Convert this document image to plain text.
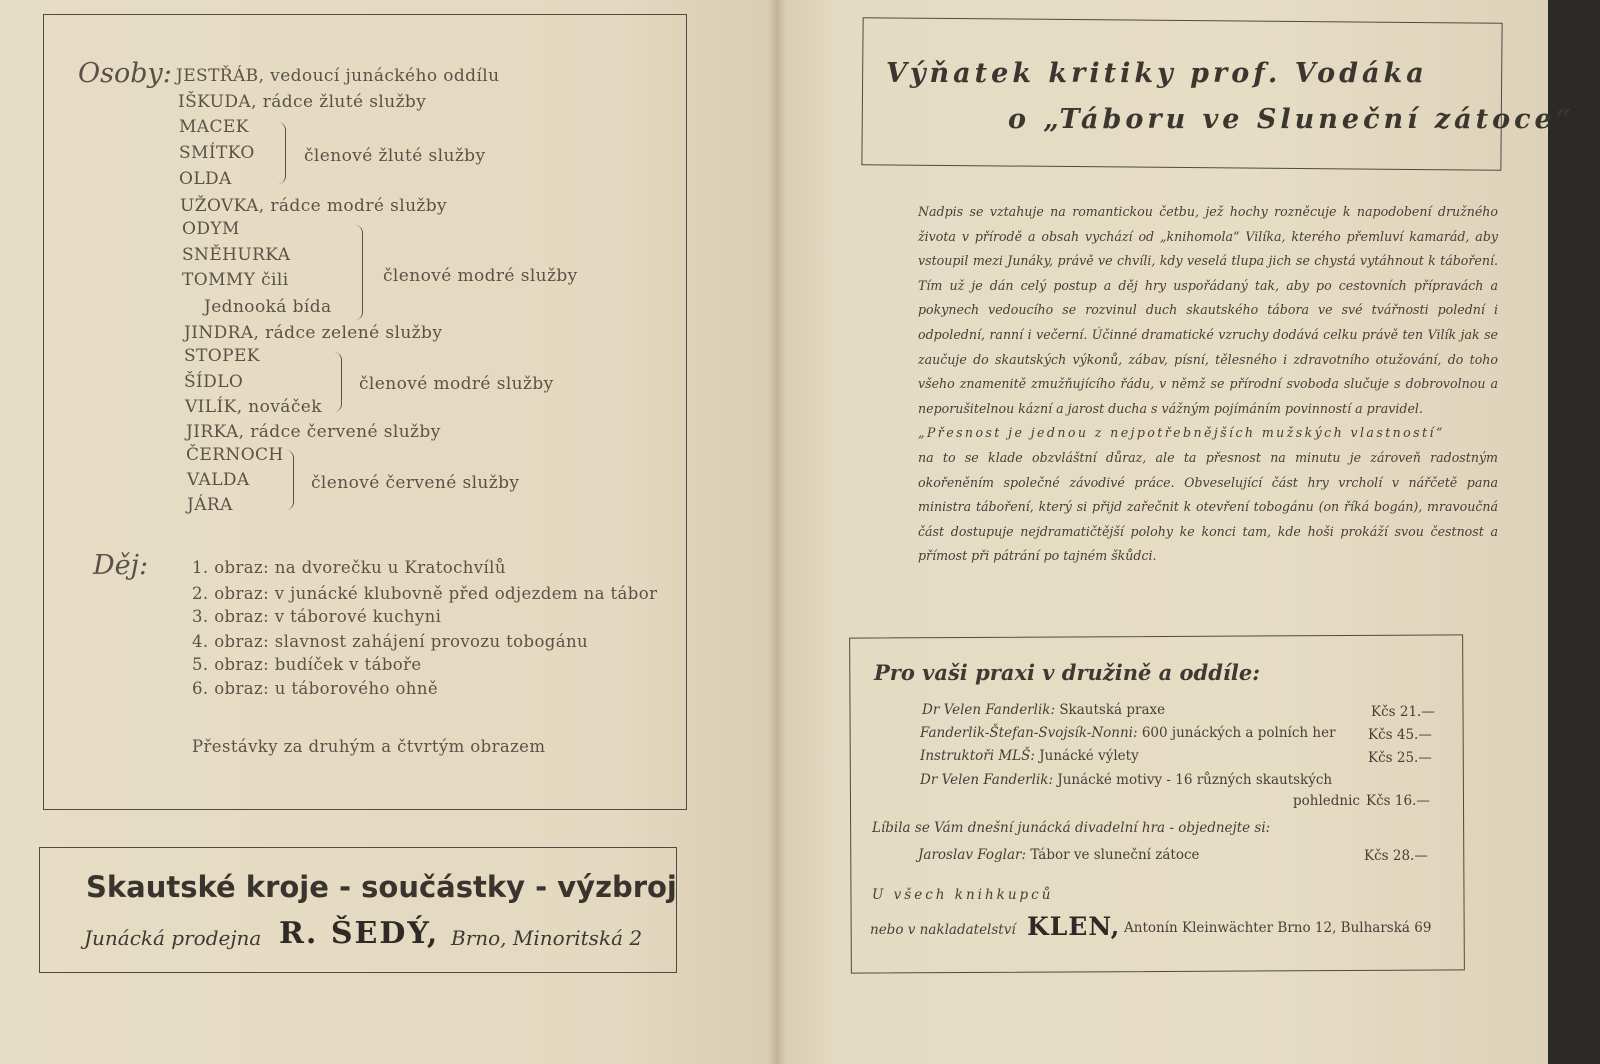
Osoby: JESTŘÁB, vedoucí junáckého oddílu
IŠKUDA, rádce žluté služby
MACEK
SMÍTKO
OLDA
členové žluté služby
UŽOVKA, rádce modré služby
ODYM
SNĚHURKA
TOMMY čili
Jednooká bída
členové modré služby
JINDRA, rádce zelené služby
STOPEK
ŠÍDLO
VILÍK, nováček
členové modré služby
JIRKA, rádce červené služby
ČERNOCH
VALDA
JÁRA
členové červené služby
Děj:	1. obraz: na dvorečku u Kratochvílů
2. obraz: v junácké klubovně před odjezdem na tábor
3. obraz: v táborové kuchyni
4. obraz: slavnost zahájení provozu tobogánu
5. obraz: budíček v táboře
6. obraz: u táborového ohně
Přestávky za druhým a čtvrtým obrazem
Skautské kroje - součástky - výzbroj
Junácká prodejna R. ŠEDÝ, Brno, Minoritská 2
Výňatek kritiky prof. Vodáka
o „Táboru ve Sluneční zátoce“
Nadpis se vztahuje na romantickou četbu, jež hochy rozněcuje k napodobení družného života v přírodě a obsah vychází od „knihomola“ Vilíka, kterého přemluví kamarád, aby vstoupil mezi Junáky, právě ve chvíli, kdy veselá tlupa jich se chystá vytáhnout k táboření. Tím už je dán celý postup a děj hry uspořádaný tak, aby po cestovních přípravách a pokynech vedoucího se rozvinul duch skautského tábora ve své tvářnosti polední i odpolední, ranní i večerní. Účinné dramatické vzruchy dodává celku právě ten Vilík jak se zaučuje do skautských výkonů, zábav, písní, tělesného i zdravotního otužování, do toho všeho znamenitě zmužňujícího řádu, v němž se přírodní svoboda slučuje s dobrovolnou a neporušitelnou kázní a jarost ducha s vážným pojímáním povinností a pravidel.
„Přesnost je jednou z nejpotřebnějších mužských vlastností“
na to se klade obzvláštní důraz, ale ta přesnost na minutu je zároveň radostným okořeněním společné závodivé práce. Obveselující část hry vrcholí v nářčetě pana ministra táboření, který si přijd zařečnit k otevření tobogánu (on říká bogán), mravoučná část dostupuje nejdramatičtější polohy ke konci tam, kde hoši prokáží svou čestnost a přímost při pátrání po tajném škůdci.
Pro vaši praxi v družině a oddíle:
Dr Velen Fanderlik: Skautská praxe	Kčs 21.—
Fanderlik-Štefan-Svojsík-Nonni: 600 junáckých a polních her Kčs 45.—
Instruktoři MLŠ: Junácké výlety	Kčs 25.—
Dr Velen Fanderlik: Junácké motivy - 16 různých skautských
pohlednic Kčs 16.—
Líbila se Vám dnešní junácká divadelní hra - objednejte si:
Jaroslav Foglar: Tábor ve sluneční zátoce	Kčs 28.—
U všech knihkupců
nebo v nakladatelství KLEN, Antonín Kleinwächter Brno 12, Bulharská 69
